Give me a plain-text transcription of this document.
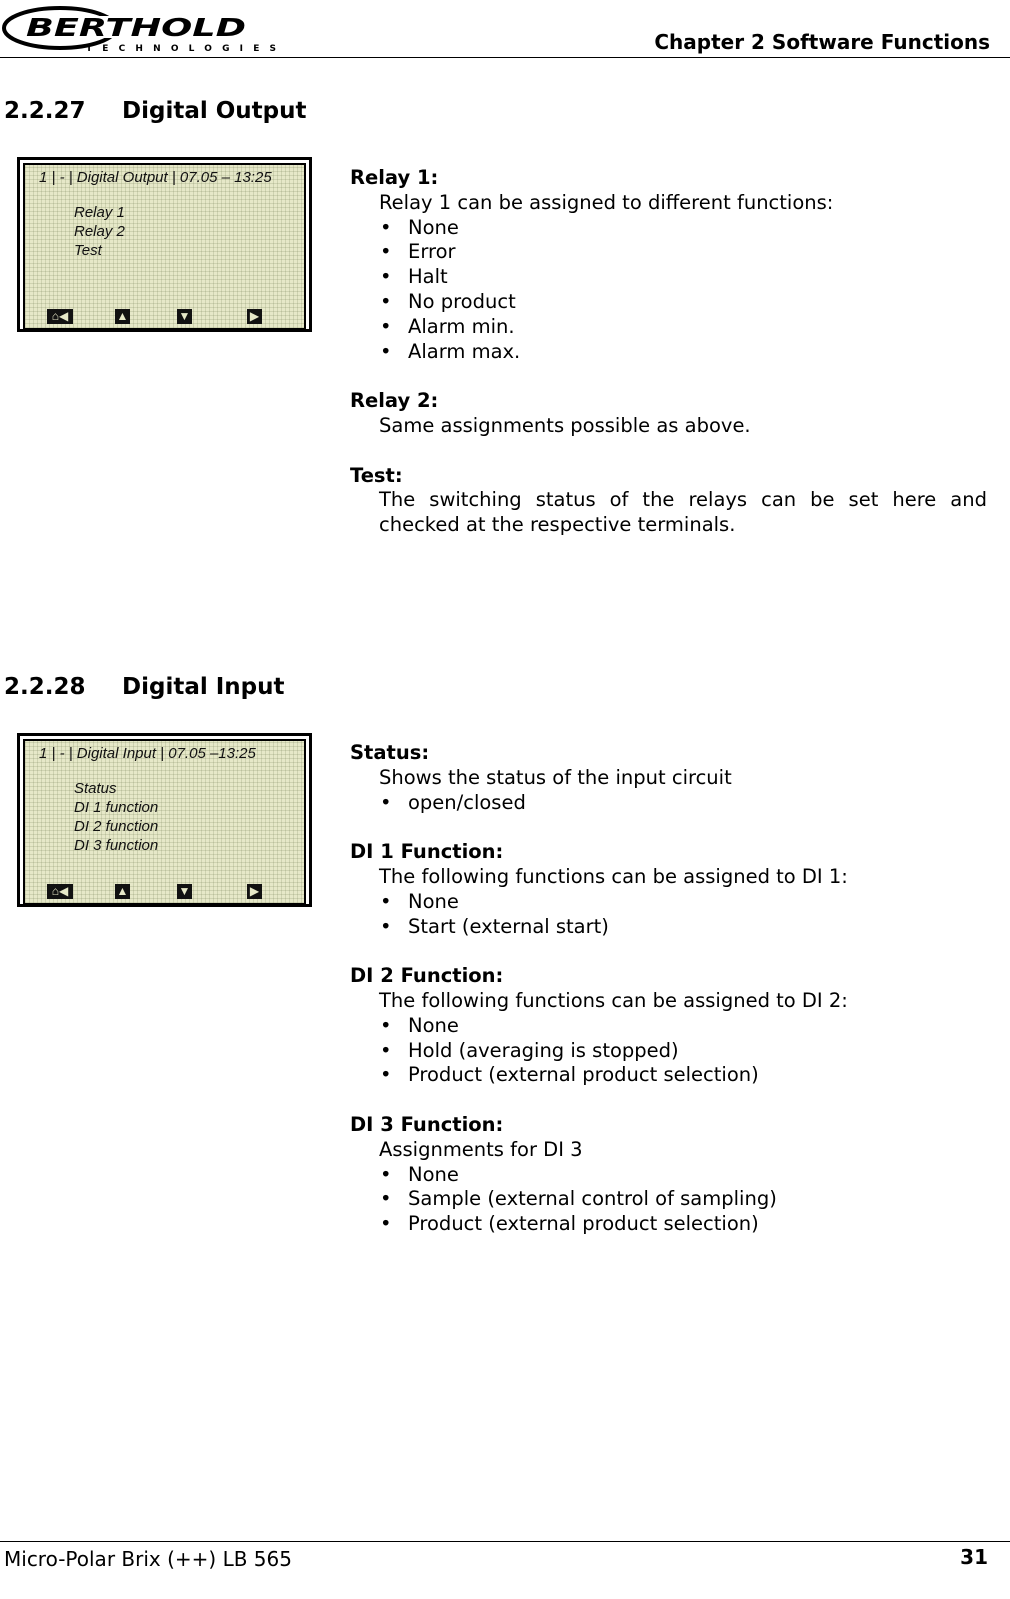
BERTHOLD
TECHNOLOGIES	Chapter 2 Software Functions
2.2.27 Digital Output
1 | - | Digital Output | 07.05 – 13:25
Relay 1
Relay 2
Test
⌂◀	▲	▼	▶

Relay 1:

Relay 1 can be assigned to different functions:

• None
• Error
• Halt
• No product
• Alarm min.
• Alarm max.

Relay 2:

Same assignments possible as above.

Test:

The switching status of the relays can be set here and checked at the respective terminals.

2.2.28 Digital Input
1 | - | Digital Input | 07.05 –13:25
Status
DI 1 function
DI 2 function
DI 3 function
⌂◀	▲	▼	▶

Status:

Shows the status of the input circuit

• open/closed

DI 1 Function:

The following functions can be assigned to DI 1:

• None
• Start (external start)

DI 2 Function:

The following functions can be assigned to DI 2:

• None
• Hold (averaging is stopped)
• Product (external product selection)

DI 3 Function:

Assignments for DI 3

• None
• Sample (external control of sampling)
• Product (external product selection)
Micro-Polar Brix (++) LB 565	31
